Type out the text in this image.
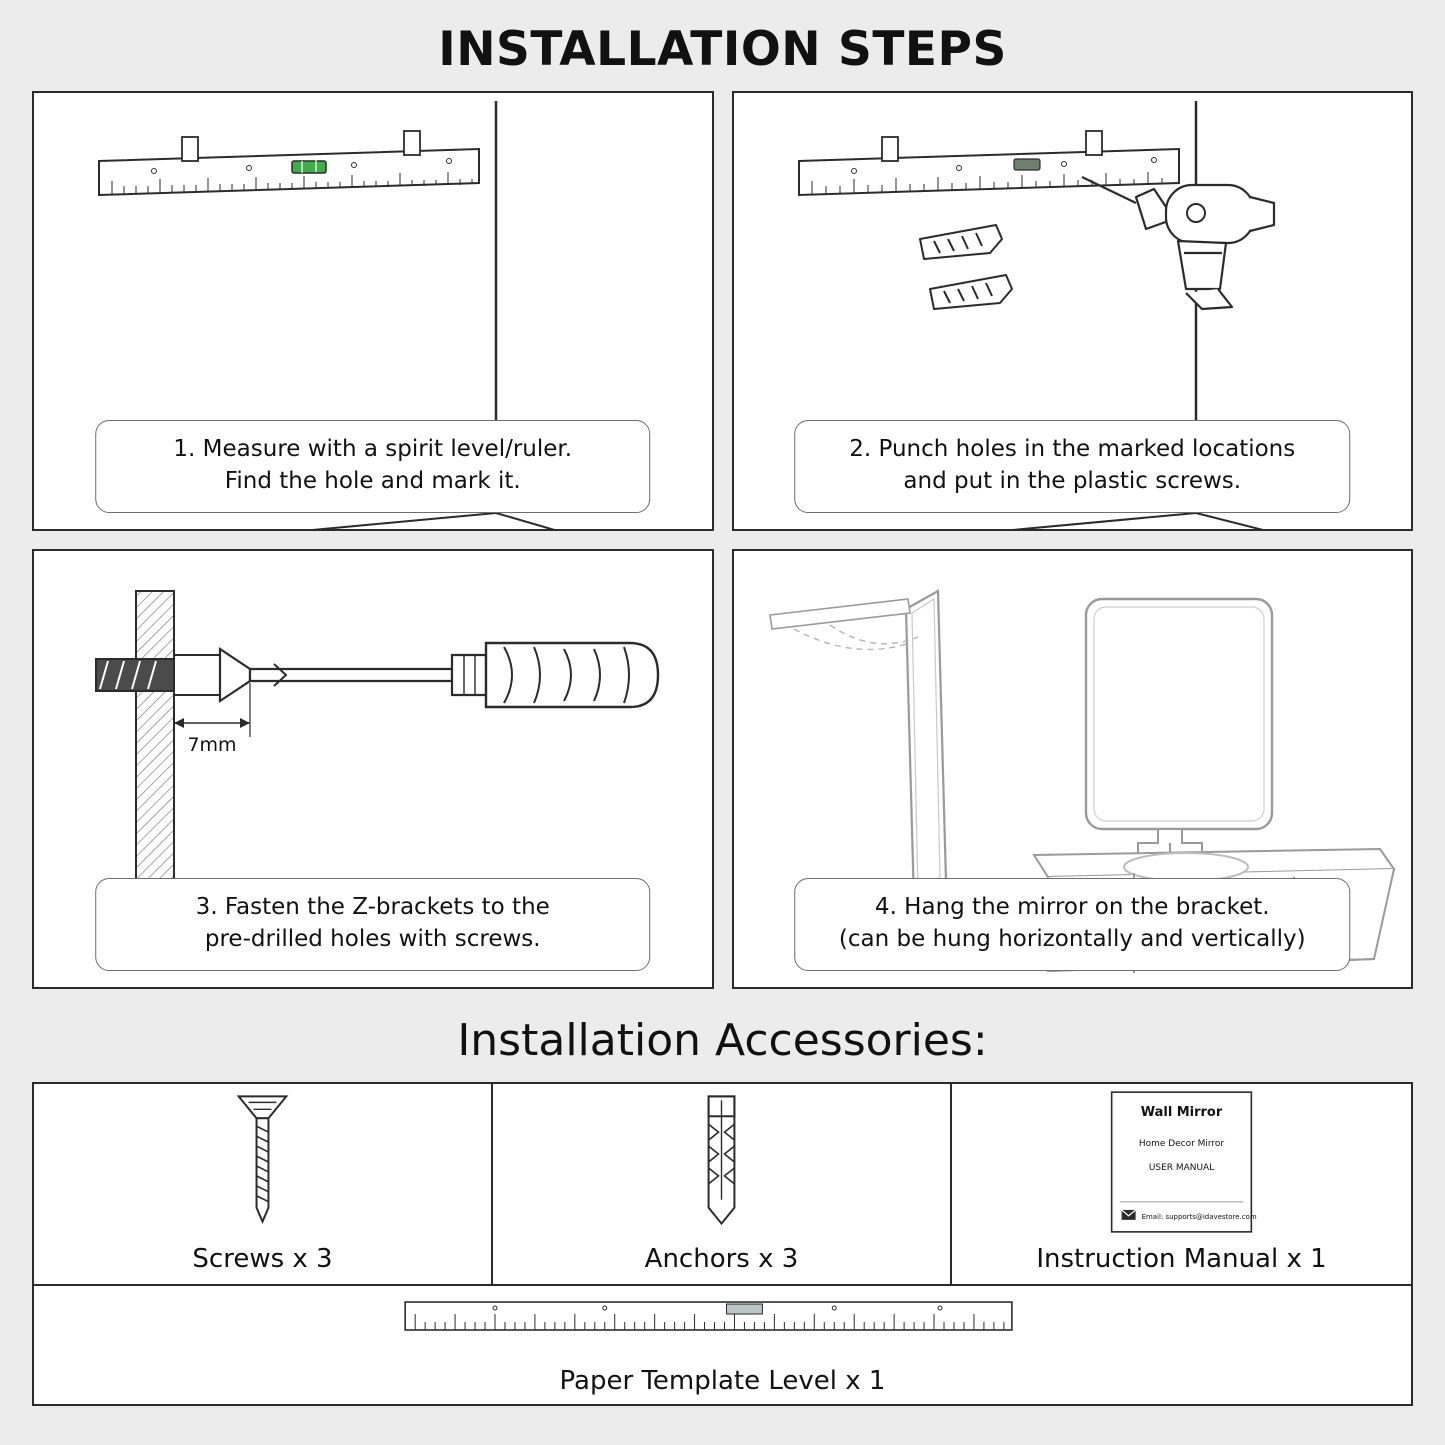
INSTALLATION STEPS
1. Measure with a spirit level/ruler.
Find the hole and mark it.
2. Punch holes in the marked locations
and put in the plastic screws.
7mm
3. Fasten the Z-brackets to the
pre-drilled holes with screws.
4. Hang the mirror on the bracket.
(can be hung horizontally and vertically)
Installation Accessories:
Screws x 3	Anchors x 3
Wall Mirror
Home Decor Mirror
USER MANUAL
Email: supports@idavestore.com
Instruction Manual x 1
Paper Template Level x 1
